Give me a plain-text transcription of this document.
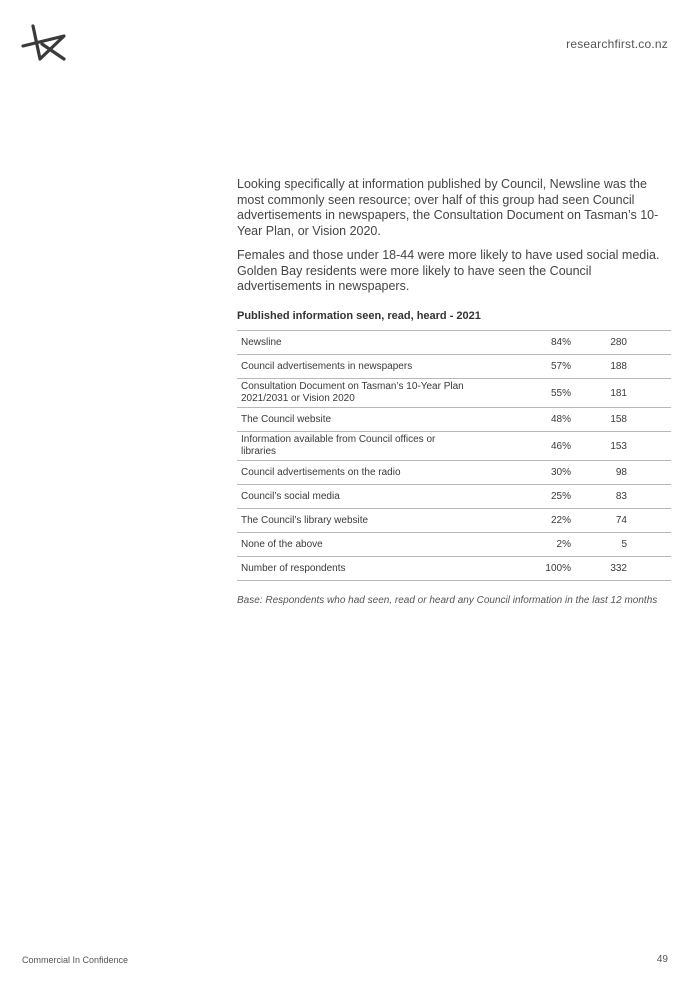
researchfirst.co.nz

Looking specifically at information published by Council, Newsline was the most commonly seen resource; over half of this group had seen Council advertisements in newspapers, the Consultation Document on Tasman’s 10-Year Plan, or Vision 2020.

Females and those under 18-44 were more likely to have used social media. Golden Bay residents were more likely to have seen the Council advertisements in newspapers.

Published information seen, read, heard - 2021
Newsline	84%	280
Council advertisements in newspapers	57%	188
Consultation Document on Tasman’s 10-Year Plan 2021/2031 or Vision 2020	55%	181
The Council website	48%	158
Information available from Council offices or libraries	46%	153
Council advertisements on the radio	30%	98
Council’s social media	25%	83
The Council’s library website	22%	74
None of the above	2%	5
Number of respondents	100%	332
Base: Respondents who had seen, read or heard any Council information in the last 12 months
Commercial In Confidence	49
